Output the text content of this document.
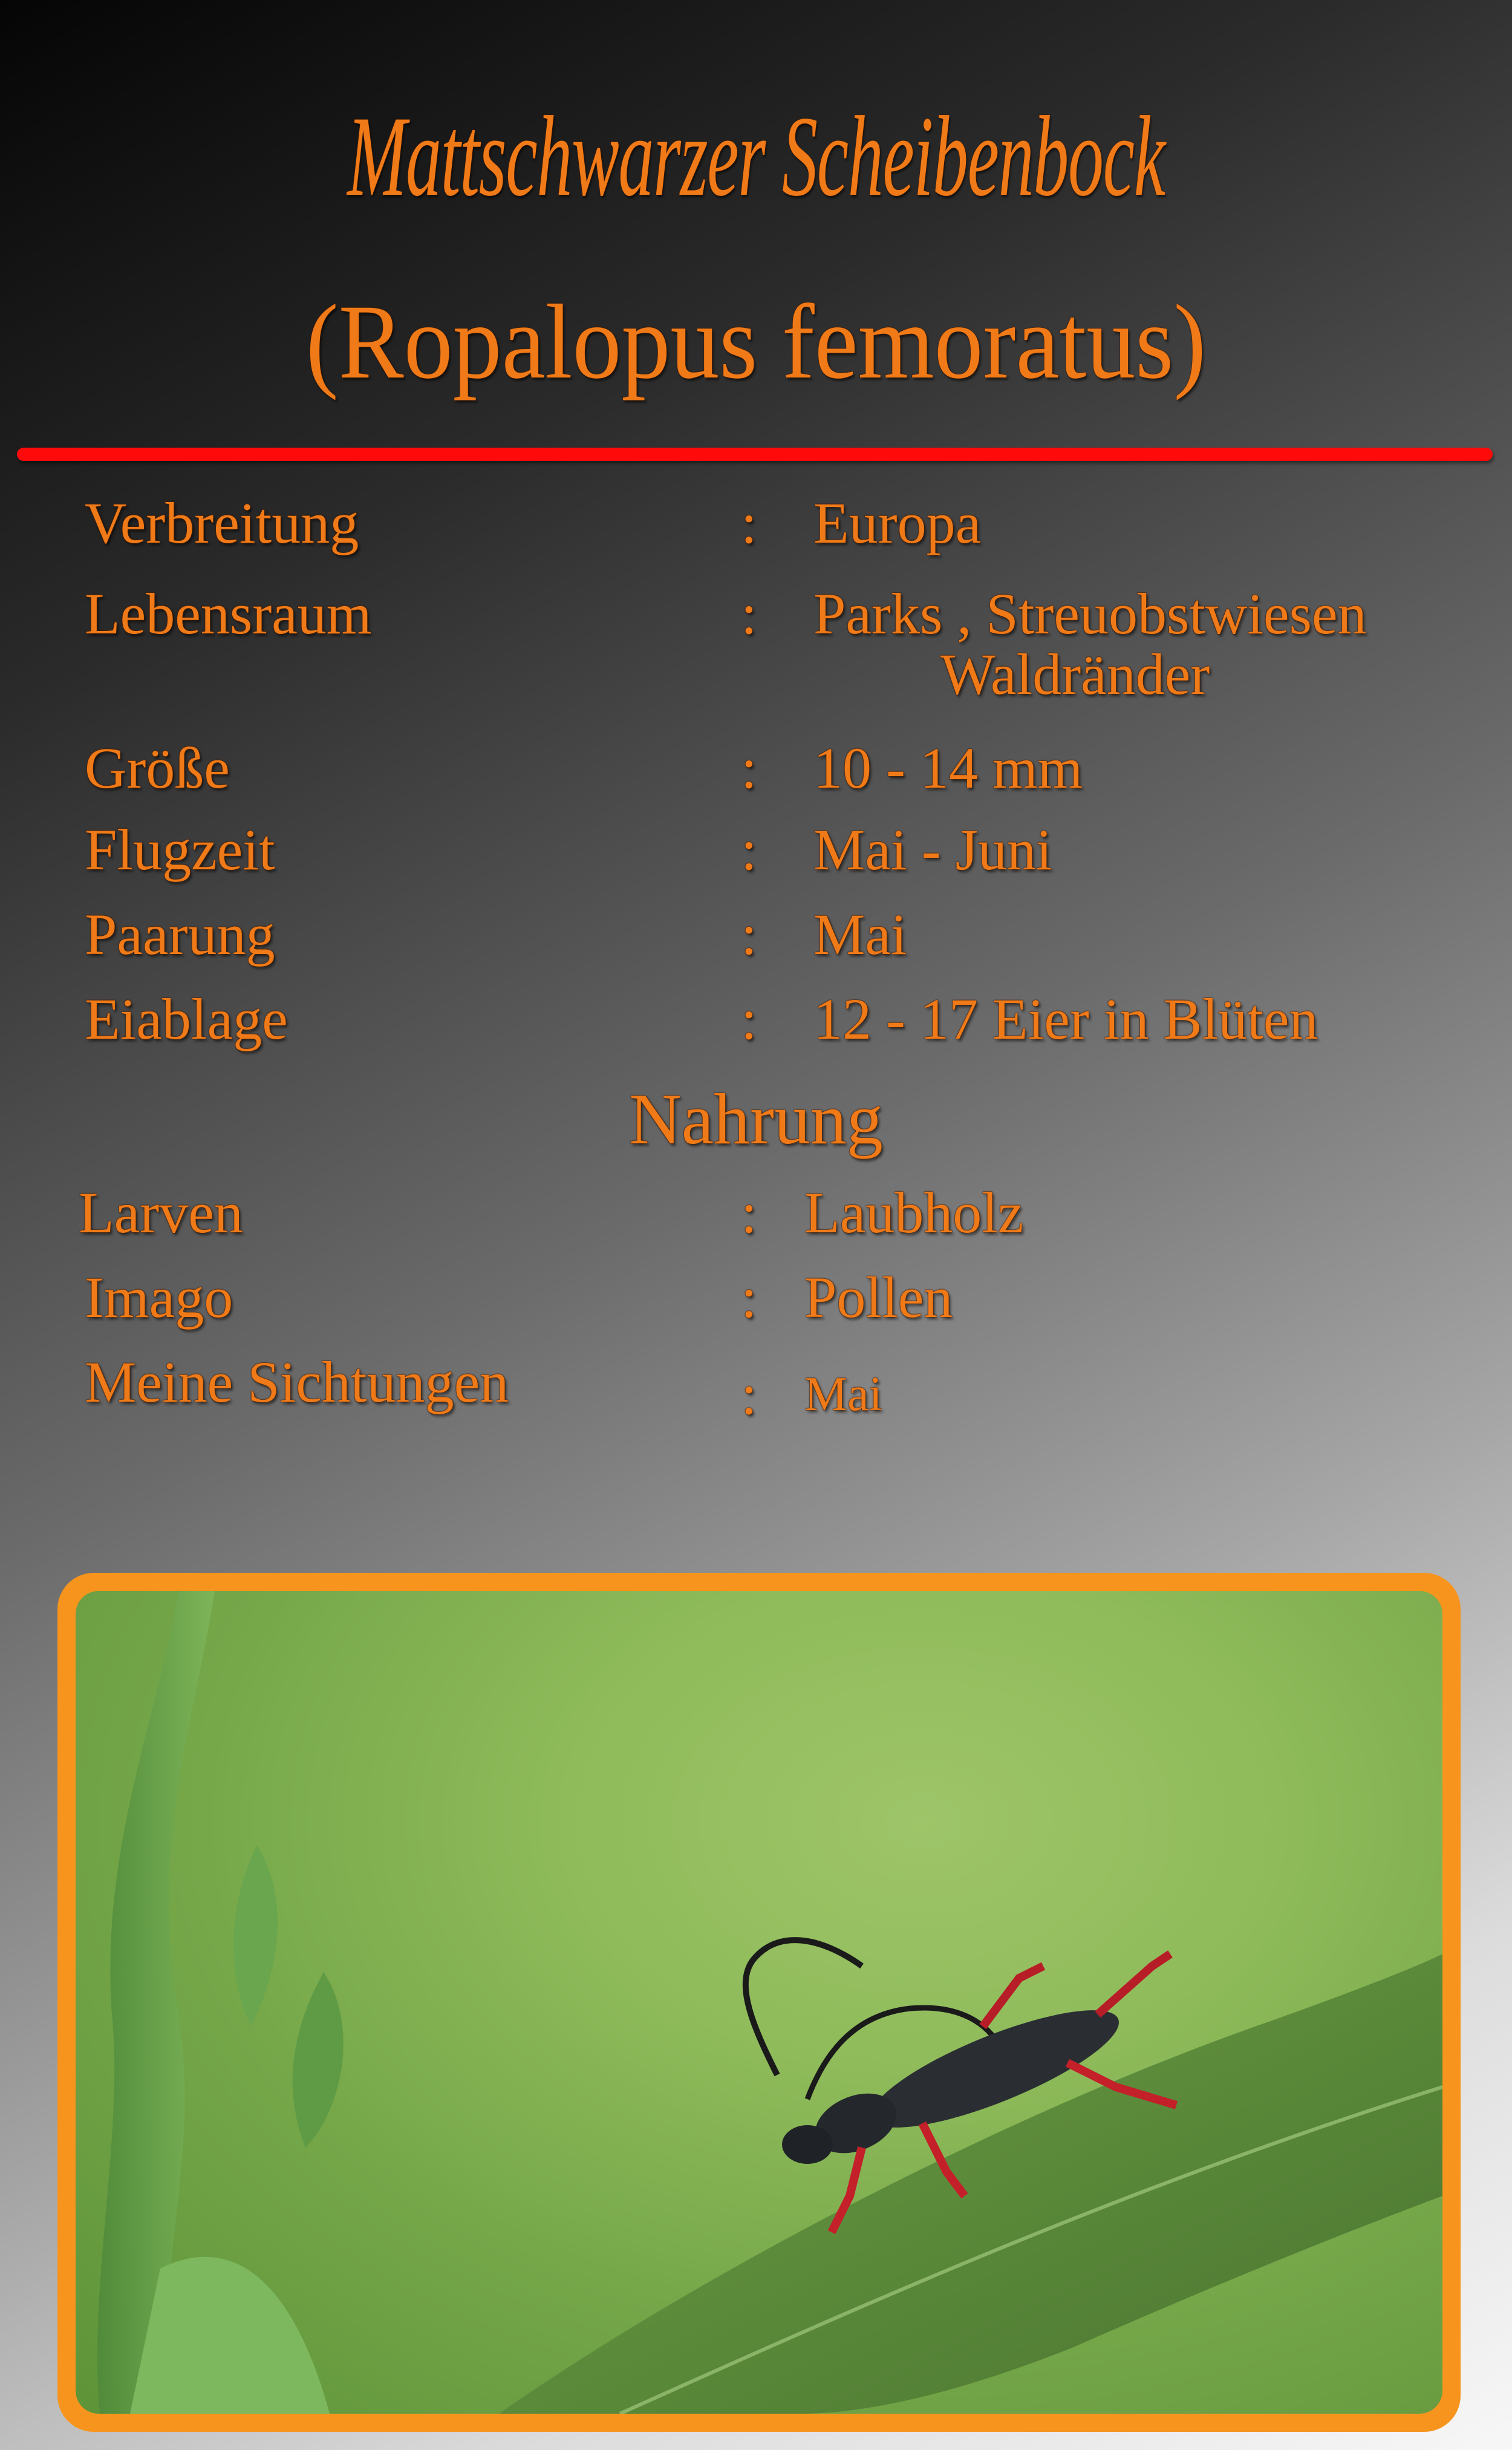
Mattschwarzer Scheibenbock
(Ropalopus femoratus)
Verbreitung	: Europa
Lebensraum	: Parks , Streuobstwiesen
Waldränder
Größe	: 10 - 14 mm
Flugzeit	: Mai - Juni
Paarung	: Mai
Eiablage	: 12 - 17 Eier in Blüten
Nahrung
Larven	: Laubholz
Imago	: Pollen
Meine Sichtungen	: Mai
